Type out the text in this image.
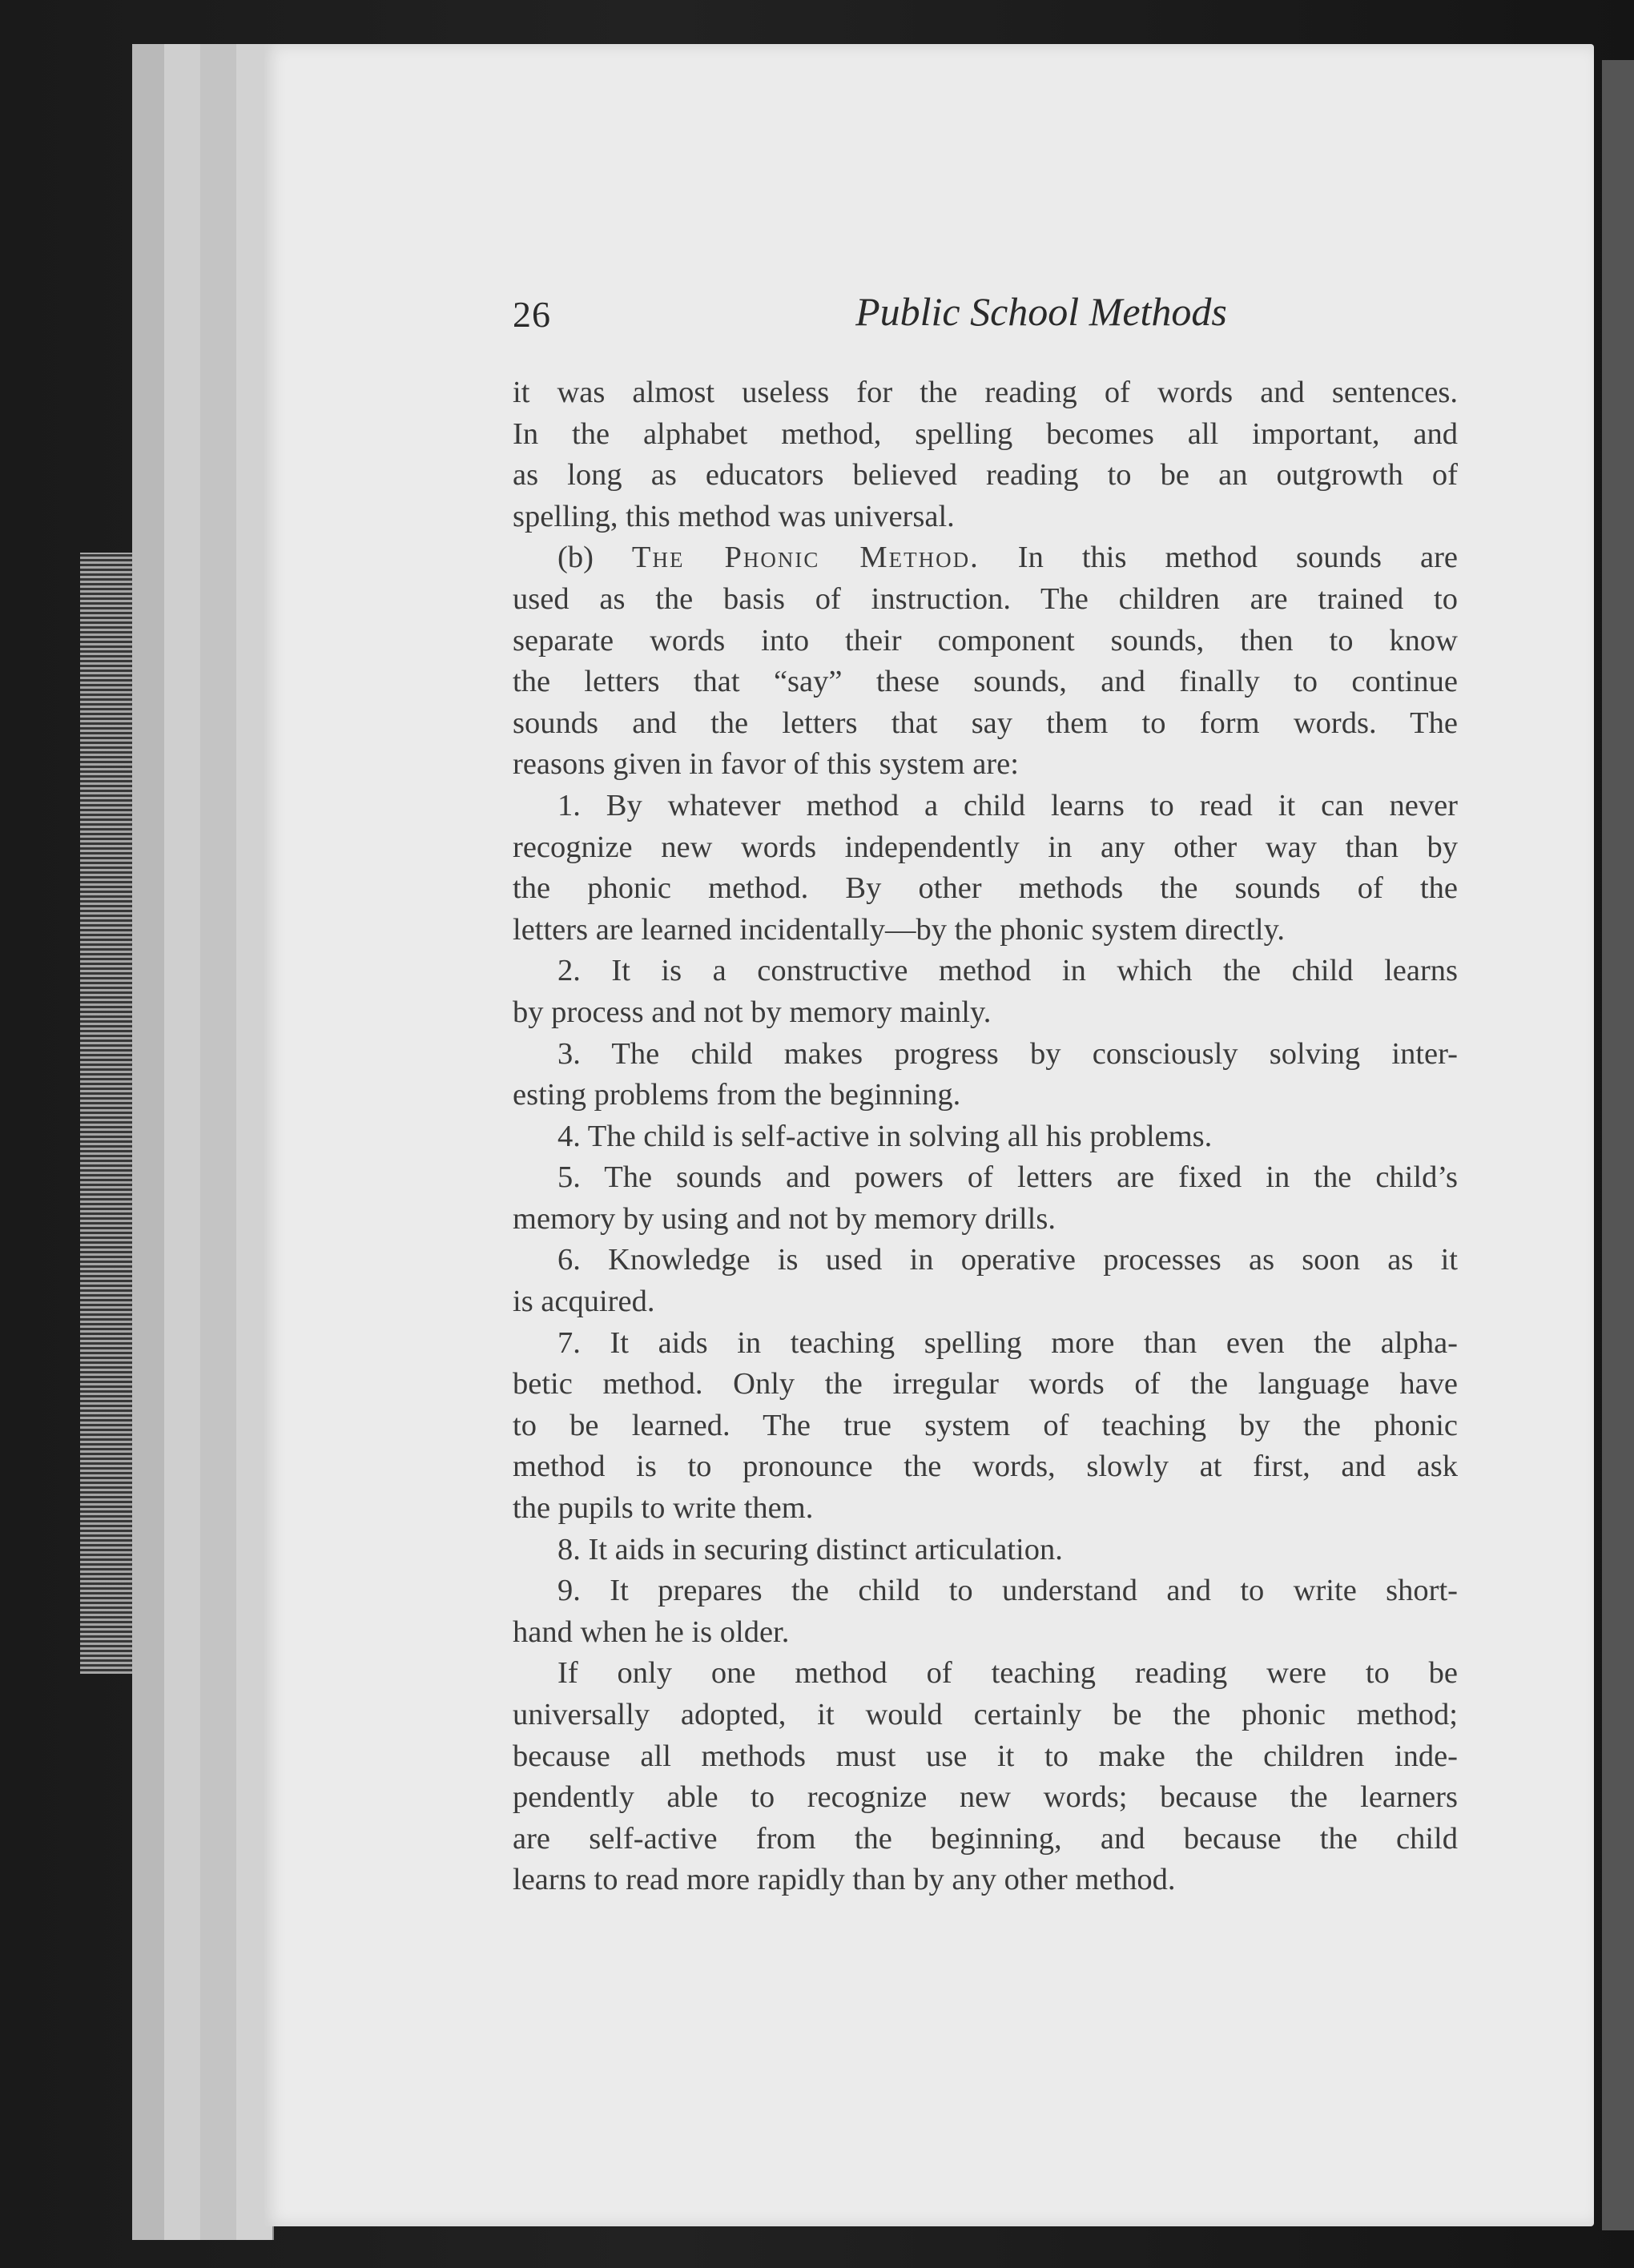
26	Public School Methods
it was almost useless for the reading of words and sentences.
In the alphabet method, spelling becomes all important, and
as long as educators believed reading to be an outgrowth of
spelling, this method was universal.
(b) The Phonic Method. In this method sounds are
used as the basis of instruction. The children are trained to
separate words into their component sounds, then to know
the letters that “say” these sounds, and finally to continue
sounds and the letters that say them to form words. The
reasons given in favor of this system are:
1. By whatever method a child learns to read it can never
recognize new words independently in any other way than by
the phonic method. By other methods the sounds of the
letters are learned incidentally—by the phonic system directly.
2. It is a constructive method in which the child learns
by process and not by memory mainly.
3. The child makes progress by consciously solving inter-
esting problems from the beginning.
4. The child is self-active in solving all his problems.
5. The sounds and powers of letters are fixed in the child’s
memory by using and not by memory drills.
6. Knowledge is used in operative processes as soon as it
is acquired.
7. It aids in teaching spelling more than even the alpha-
betic method. Only the irregular words of the language have
to be learned. The true system of teaching by the phonic
method is to pronounce the words, slowly at first, and ask
the pupils to write them.
8. It aids in securing distinct articulation.
9. It prepares the child to understand and to write short-
hand when he is older.
If only one method of teaching reading were to be
universally adopted, it would certainly be the phonic method;
because all methods must use it to make the children inde-
pendently able to recognize new words; because the learners
are self-active from the beginning, and because the child
learns to read more rapidly than by any other method.
